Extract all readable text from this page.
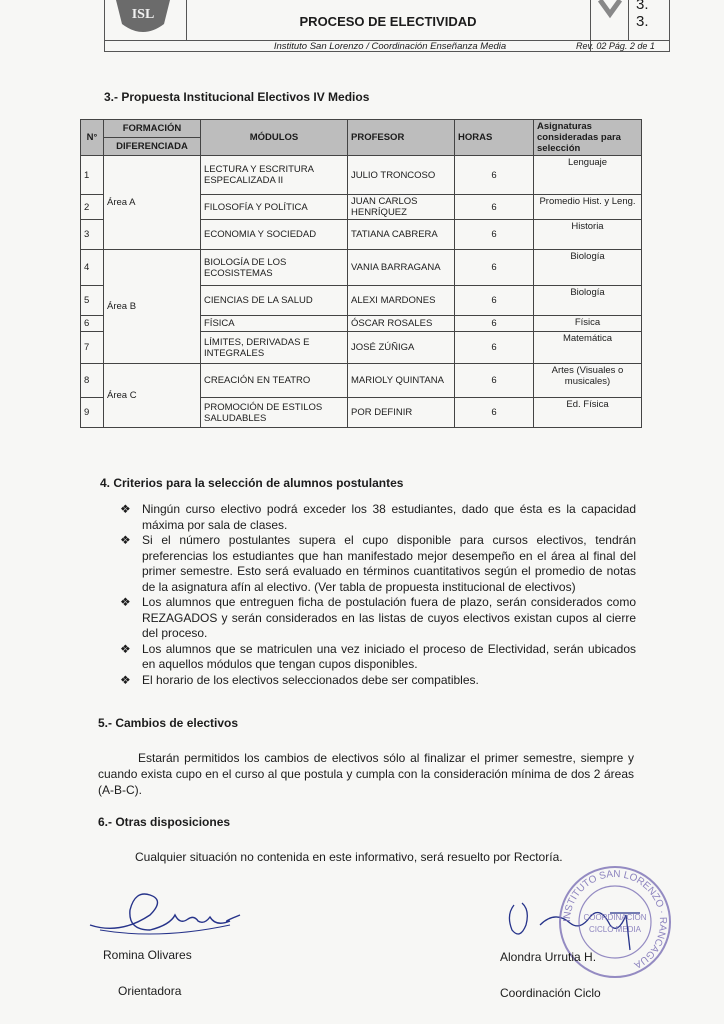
ISL	PROCESO DE ELECTIVIDAD
3.
3.
Instituto San Lorenzo / Coordinación Enseñanza Media	Rev. 02 Pág. 2 de 1
3.- Propuesta Institucional Electivos IV Medios
N°	FORMACIÓN	MÓDULOS	PROFESOR	HORAS	Asignaturas consideradas para selección
	DIFERENCIADA				
1	Área A	LECTURA Y ESCRITURA ESPECALIZADA II	JULIO TRONCOSO	6	Lenguaje
2		FILOSOFÍA Y POLÍTICA	JUAN CARLOS HENRÍQUEZ	6	Promedio Hist. y Leng.
3		ECONOMIA Y SOCIEDAD	TATIANA CABRERA	6	Historia
4	Área B	BIOLOGÍA DE LOS ECOSISTEMAS	VANIA BARRAGANA	6	Biología
5		CIENCIAS DE LA SALUD	ALEXI MARDONES	6	Biología
6		FÍSICA	ÓSCAR ROSALES	6	Física
7		LÍMITES, DERIVADAS E INTEGRALES	JOSÉ ZÚÑIGA	6	Matemática
8	Área C	CREACIÓN EN TEATRO	MARIOLY QUINTANA	6	Artes (Visuales o musicales)
9		PROMOCIÓN DE ESTILOS SALUDABLES	POR DEFINIR	6	Ed. Física
4. Criterios para la selección de alumnos postulantes
❖ Ningún curso electivo podrá exceder los 38 estudiantes, dado que ésta es la capacidad máxima por sala de clases.
❖ Si el número postulantes supera el cupo disponible para cursos electivos, tendrán preferencias los estudiantes que han manifestado mejor desempeño en el área al final del primer semestre. Esto será evaluado en términos cuantitativos según el promedio de notas de la asignatura afín al electivo. (Ver tabla de propuesta institucional de electivos)
❖ Los alumnos que entreguen ficha de postulación fuera de plazo, serán considerados como REZAGADOS y serán considerados en las listas de cuyos electivos existan cupos al cierre del proceso.
❖ Los alumnos que se matriculen una vez iniciado el proceso de Electividad, serán ubicados en aquellos módulos que tengan cupos disponibles.
❖ El horario de los electivos seleccionados debe ser compatibles.
5.- Cambios de electivos
Estarán permitidos los cambios de electivos sólo al finalizar el primer semestre, siempre y cuando exista cupo en el curso al que postula y cumpla con la consideración mínima de dos 2 áreas (A-B-C).
6.- Otras disposiciones
Cualquier situación no contenida en este informativo, será resuelto por Rectoría.
Romina Olivares
Orientadora
INSTITUTO SAN LORENZO · RANCAGUA
COORDINACIÓN
CICLO MEDIA
Alondra Urrutia H.
Coordinación Ciclo
